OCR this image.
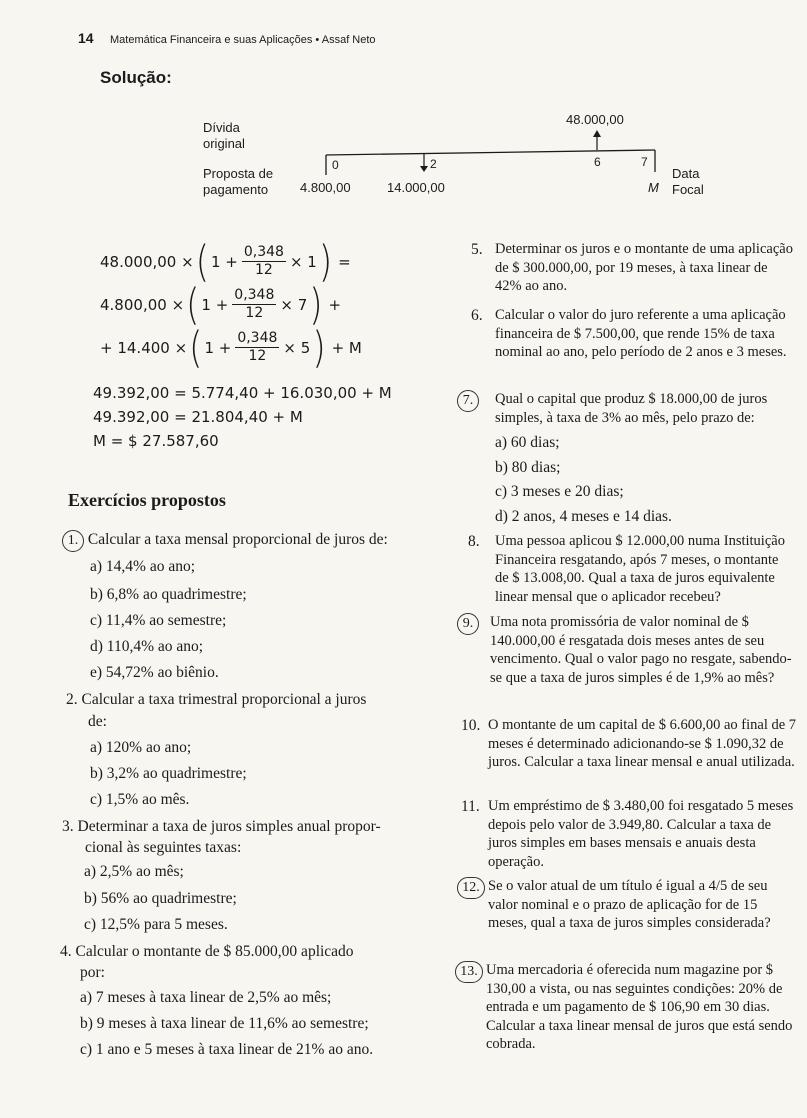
14 Matemática Financeira e suas Aplicações • Assaf Neto
Solução:
Dívida
original
Proposta de
pagamento
Data
Focal
48.000,00
0	2	6	7
4.800,00	14.000,00	M
48.000,00 × ( $1 + \frac{0,348}{12} \times 1$ ) =
4.800,00 × ( $1 + \frac{0,348}{12} \times 7$ ) +
+ 14.400 × ( $1 + \frac{0,348}{12} \times 5$ ) + M
49.392,00 = 5.774,40 + 16.030,00 + M
49.392,00 = 21.804,40 + M
M = $ 27.587,60
Exercícios propostos
1. Calcular a taxa mensal proporcional de juros de:
a) 14,4% ao ano;
b) 6,8% ao quadrimestre;
c) 11,4% ao semestre;
d) 110,4% ao ano;
e) 54,72% ao biênio.
2. Calcular a taxa trimestral proporcional a juros
de:
a) 120% ao ano;
b) 3,2% ao quadrimestre;
c) 1,5% ao mês.
3. Determinar a taxa de juros simples anual propor-
cional às seguintes taxas:
a) 2,5% ao mês;
b) 56% ao quadrimestre;
c) 12,5% para 5 meses.
4. Calcular o montante de $ 85.000,00 aplicado
por:
a) 7 meses à taxa linear de 2,5% ao mês;
b) 9 meses à taxa linear de 11,6% ao semestre;
c) 1 ano e 5 meses à taxa linear de 21% ao ano.
5. Determinar os juros e o montante de uma aplicação de $ 300.000,00, por 19 meses, à taxa linear de 42% ao ano.
6. Calcular o valor do juro referente a uma aplicação financeira de $ 7.500,00, que rende 15% de taxa nominal ao ano, pelo período de 2 anos e 3 meses.
7.	Qual o capital que produz $ 18.000,00 de juros simples, à taxa de 3% ao mês, pelo prazo de:
a) 60 dias;
b) 80 dias;
c) 3 meses e 20 dias;
d) 2 anos, 4 meses e 14 dias.
8. Uma pessoa aplicou $ 12.000,00 numa Instituição Financeira resgatando, após 7 meses, o montante de $ 13.008,00. Qual a taxa de juros equivalente linear mensal que o aplicador recebeu?
9.	Uma nota promissória de valor nominal de $ 140.000,00 é resgatada dois meses antes de seu vencimento. Qual o valor pago no resgate, sabendo-se que a taxa de juros simples é de 1,9% ao mês?
10. O montante de um capital de $ 6.600,00 ao final de 7 meses é determinado adicionando-se $ 1.090,32 de juros. Calcular a taxa linear mensal e anual utilizada.
11. Um empréstimo de $ 3.480,00 foi resgatado 5 meses depois pelo valor de 3.949,80. Calcular a taxa de juros simples em bases mensais e anuais desta operação.
12. Se o valor atual de um título é igual a 4/5 de seu valor nominal e o prazo de aplicação for de 15 meses, qual a taxa de juros simples considerada?
13. Uma mercadoria é oferecida num magazine por $ 130,00 a vista, ou nas seguintes condições: 20% de entrada e um pagamento de $ 106,90 em 30 dias. Calcular a taxa linear mensal de juros que está sendo cobrada.
